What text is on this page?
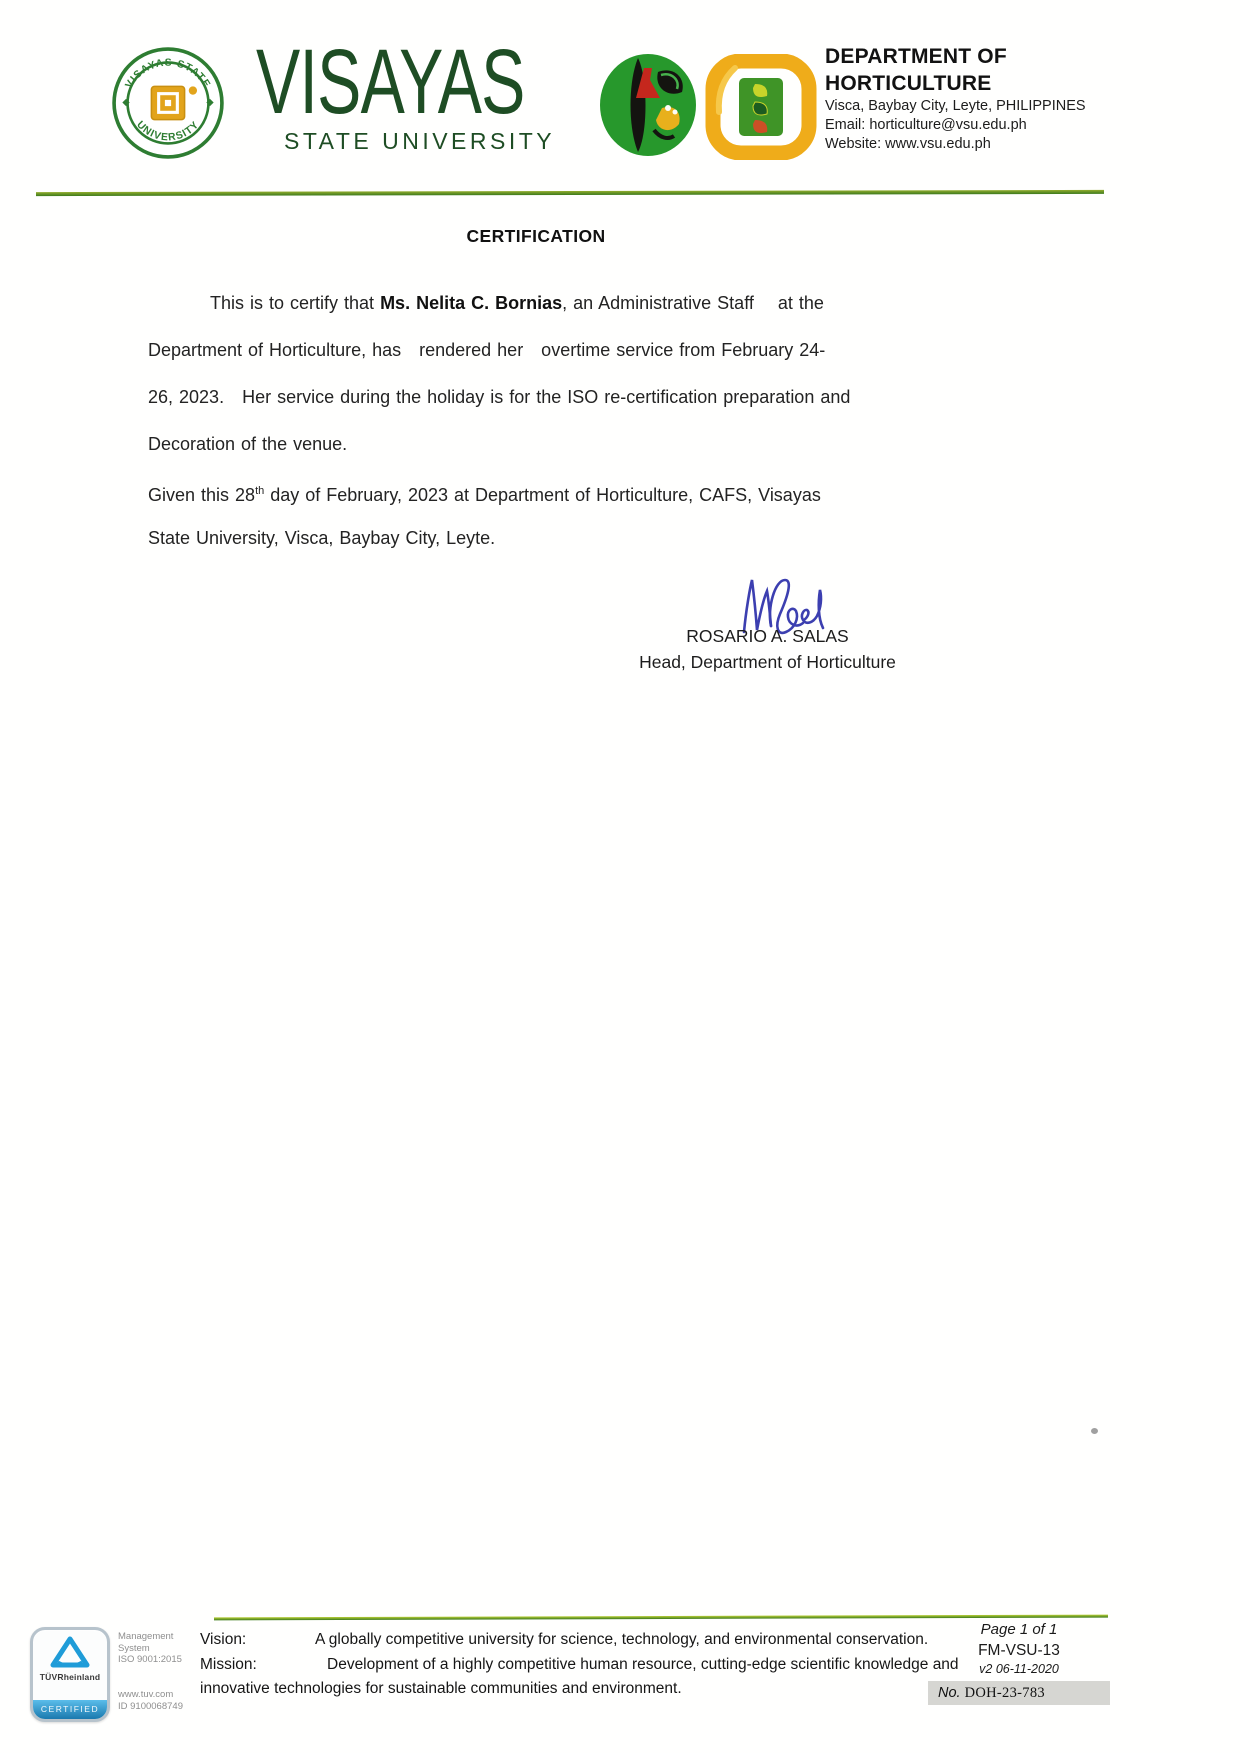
VISAYAS STATE
UNIVERSITY VISAYAS
STATE UNIVERSITY
DEPARTMENT OF
HORTICULTURE
Visca, Baybay City, Leyte, PHILIPPINES
Email: horticulture@vsu.edu.ph
Website: www.vsu.edu.ph
CERTIFICATION
This is to certify that Ms. Nelita C. Bornias, an Administrative Staff    at the
Department of Horticulture, has   rendered her   overtime service from February 24-
26, 2023.   Her service during the holiday is for the ISO re-certification preparation and
Decoration of the venue.
Given this 28th day of February, 2023 at Department of Horticulture, CAFS, Visayas
State University, Visca, Baybay City, Leyte.
ROSARIO A. SALAS
Head, Department of Horticulture
TÜVRheinland
CERTIFIED
Management
System
ISO 9001:2015
www.tuv.com
ID 9100068749
Vision:	A globally competitive university for science, technology, and environmental conservation.
Mission:	Development of a highly competitive human resource, cutting-edge scientific knowledge and innovative technologies for sustainable communities and environment.
Page 1 of 1
FM-VSU-13
v2 06-11-2020
No. DOH-23-783
